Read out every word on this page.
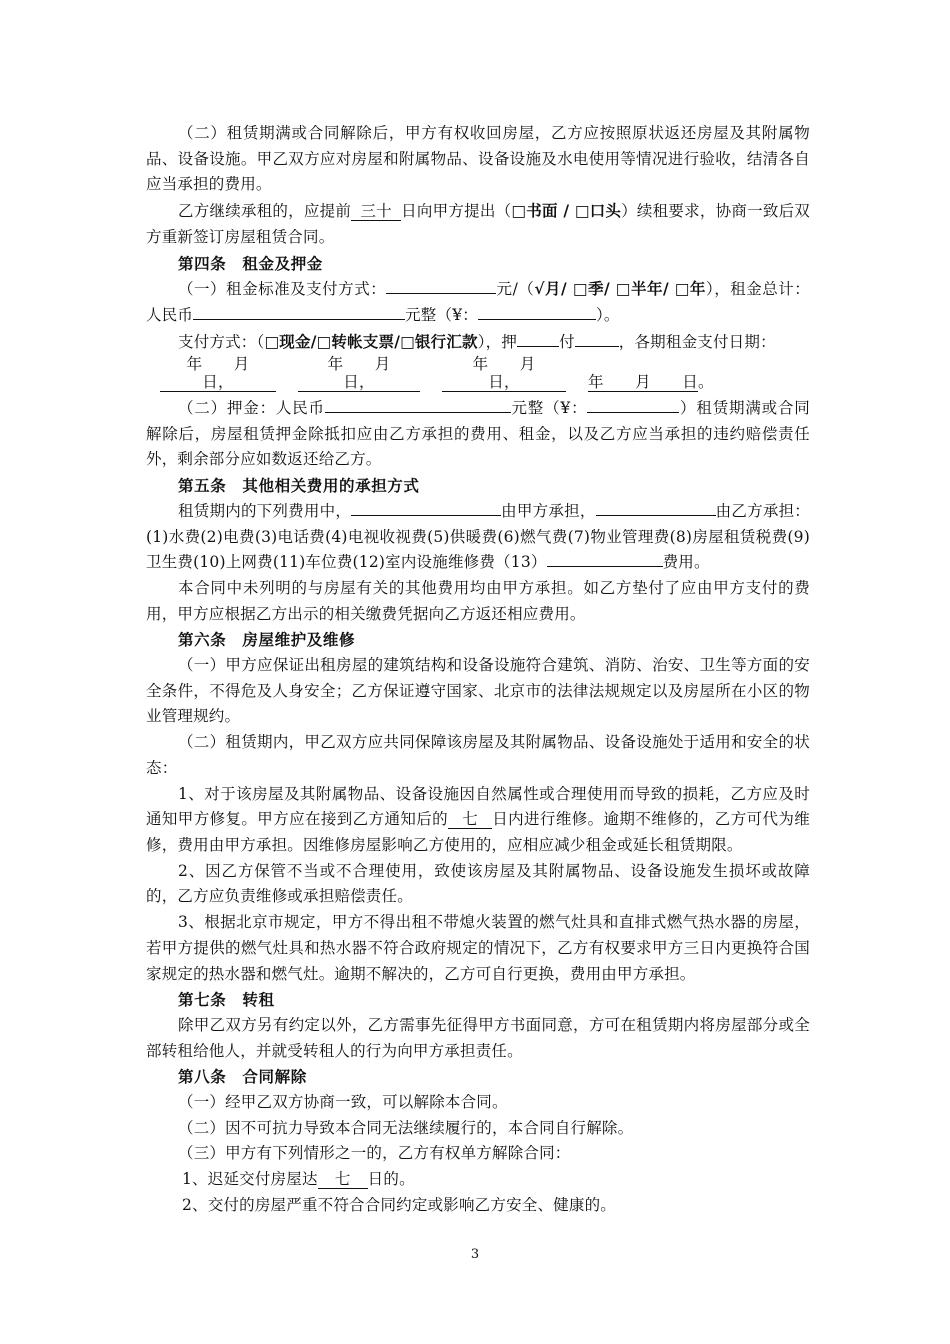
（二）租赁期满或合同解除后，甲方有权收回房屋，乙方应按照原状返还房屋及其附属物品、设备设施。甲乙双方应对房屋和附属物品、设备设施及水电使用等情况进行验收，结清各自应当承担的费用。

乙方继续承租的，应提前 三十 日向甲方提出（□书面 / □口头）续租要求，协商一致后双方重新签订房屋租赁合同。

第四条　租金及押金

（一）租金标准及支付方式：	元/（√月/ □季/ □半年/ □年），租金总计：人民币	元整（¥：	）。

支付方式：（□现金/□转帐支票/□银行汇款），押	付	，各期租金支付日期：

年　　月　　日，年　　月　　日，年　　月　　日，	年　　月　　日。

（二）押金：人民币	元整（¥：	）租赁期满或合同解除后，房屋租赁押金除抵扣应由乙方承担的费用、租金，以及乙方应当承担的违约赔偿责任外，剩余部分应如数返还给乙方。

第五条　其他相关费用的承担方式

租赁期内的下列费用中，	由甲方承担，	由乙方承担：(1)水费(2)电费(3)电话费(4)电视收视费(5)供暖费(6)燃气费(7)物业管理费(8)房屋租赁税费(9)卫生费(10)上网费(11)车位费(12)室内设施维修费（13）	费用。

本合同中未列明的与房屋有关的其他费用均由甲方承担。如乙方垫付了应由甲方支付的费用，甲方应根据乙方出示的相关缴费凭据向乙方返还相应费用。

第六条　房屋维护及维修

（一）甲方应保证出租房屋的建筑结构和设备设施符合建筑、消防、治安、卫生等方面的安全条件，不得危及人身安全；乙方保证遵守国家、北京市的法律法规规定以及房屋所在小区的物业管理规约。

（二）租赁期内，甲乙双方应共同保障该房屋及其附属物品、设备设施处于适用和安全的状态：

1、对于该房屋及其附属物品、设备设施因自然属性或合理使用而导致的损耗，乙方应及时通知甲方修复。甲方应在接到乙方通知后的 七 日内进行维修。逾期不维修的，乙方可代为维修，费用由甲方承担。因维修房屋影响乙方使用的，应相应减少租金或延长租赁期限。

2、因乙方保管不当或不合理使用，致使该房屋及其附属物品、设备设施发生损坏或故障的，乙方应负责维修或承担赔偿责任。

3、根据北京市规定，甲方不得出租不带熄火装置的燃气灶具和直排式燃气热水器的房屋，若甲方提供的燃气灶具和热水器不符合政府规定的情况下，乙方有权要求甲方三日内更换符合国家规定的热水器和燃气灶。逾期不解决的，乙方可自行更换，费用由甲方承担。

第七条　转租

除甲乙双方另有约定以外，乙方需事先征得甲方书面同意，方可在租赁期内将房屋部分或全部转租给他人，并就受转租人的行为向甲方承担责任。

第八条　合同解除

（一）经甲乙双方协商一致，可以解除本合同。

（二）因不可抗力导致本合同无法继续履行的，本合同自行解除。

（三）甲方有下列情形之一的，乙方有权单方解除合同：

1、迟延交付房屋达 七 日的。

2、交付的房屋严重不符合合同约定或影响乙方安全、健康的。

3
